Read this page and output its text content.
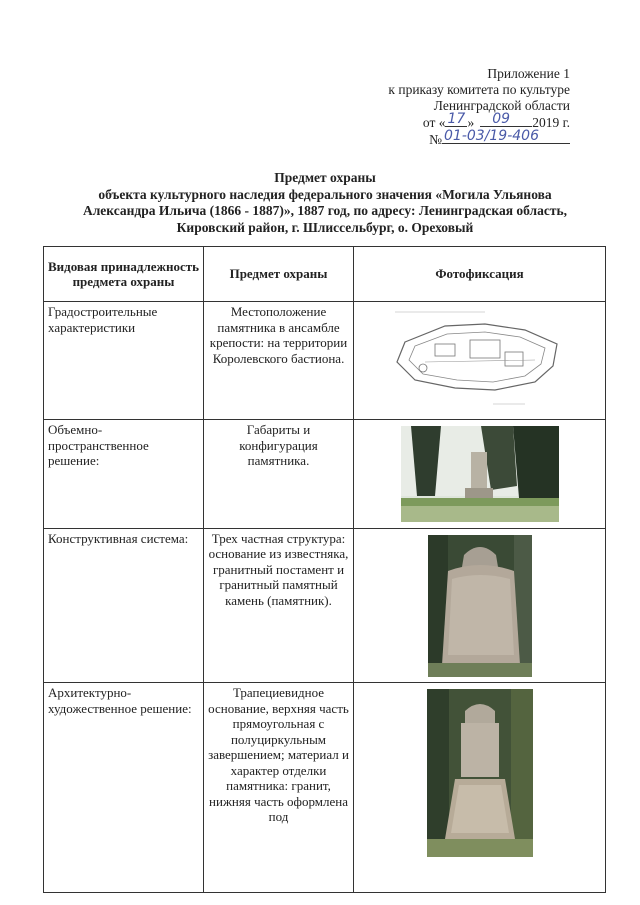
Приложение 1
к приказу комитета по культуре
Ленинградской области
от « 17 » 09 2019 г.
№ 01-03/19-406
Предмет охраны
объекта культурного наследия федерального значения «Могила Ульянова
Александра Ильича (1866 - 1887)», 1887 год, по адресу: Ленинградская область,
Кировский район, г. Шлиссельбург, о. Ореховый
Видовая принадлежность предмета охраны	Предмет охраны	Фотофиксация
Градостроительные характеристики	Местоположение памятника в ансамбле крепости: на территории Королевского бастиона.	
Объемно-пространственное решение:	Габариты и конфигурация памятника.	
Конструктивная система:	Трех частная структура: основание из известняка, гранитный постамент и гранитный памятный камень (памятник).	
Архитектурно-художественное решение:	Трапециевидное основание, верхняя часть прямоугольная с полуциркульным завершением; материал и характер отделки памятника: гранит, нижняя часть оформлена под	
